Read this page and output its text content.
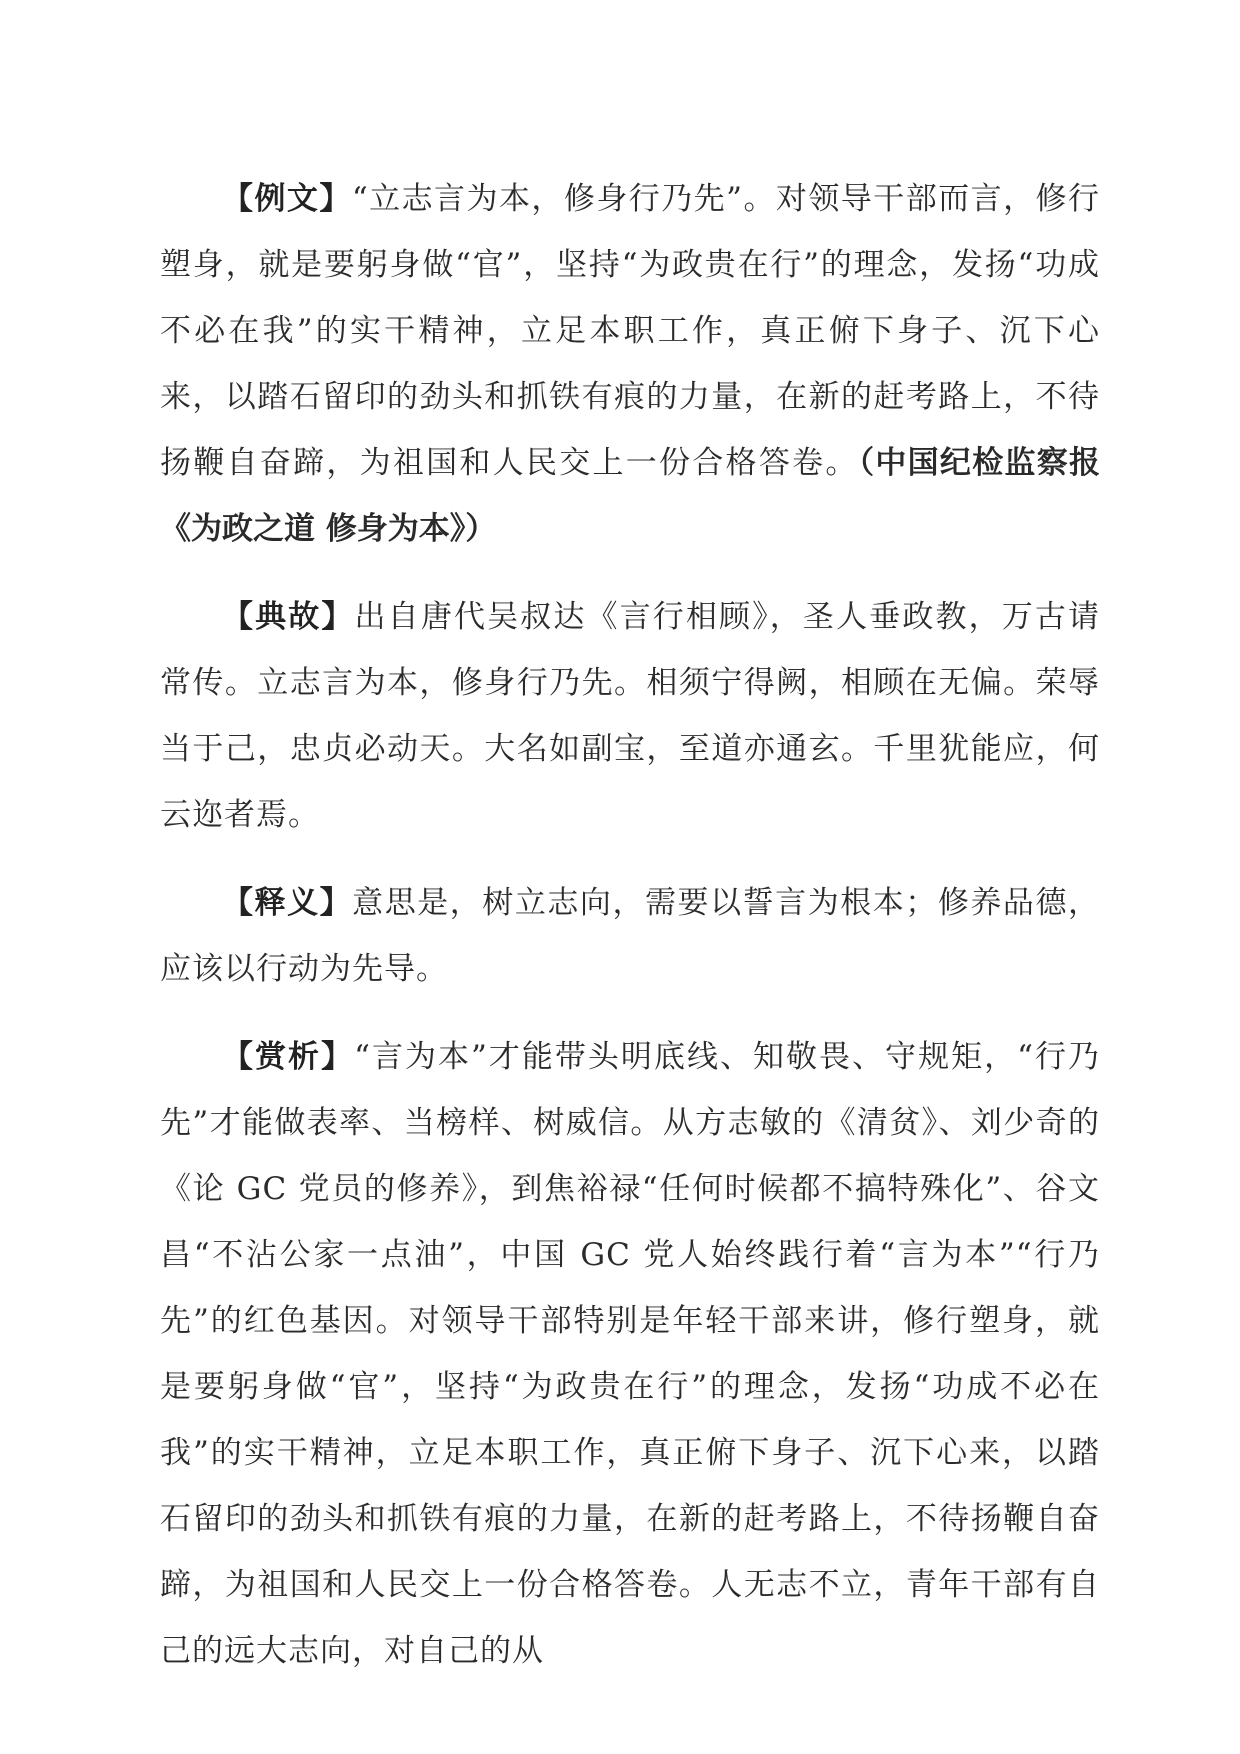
【例文】“立志言为本，修身行乃先”。对领导干部而言，修行塑身，就是要躬身做“官”，坚持“为政贵在行”的理念，发扬“功成不必在我”的实干精神，立足本职工作，真正俯下身子、沉下心来，以踏石留印的劲头和抓铁有痕的力量，在新的赶考路上，不待扬鞭自奋蹄，为祖国和人民交上一份合格答卷。（中国纪检监察报《为政之道 修身为本》）

【典故】出自唐代吴叔达《言行相顾》，圣人垂政教，万古请常传。立志言为本，修身行乃先。相须宁得阙，相顾在无偏。荣辱当于己，忠贞必动天。大名如副宝，至道亦通玄。千里犹能应，何云迩者焉。

【释义】意思是，树立志向，需要以誓言为根本；修养品德，应该以行动为先导。

【赏析】“言为本”才能带头明底线、知敬畏、守规矩，“行乃先”才能做表率、当榜样、树威信。从方志敏的《清贫》、刘少奇的《论 GC 党员的修养》，到焦裕禄“任何时候都不搞特殊化”、谷文昌“不沾公家一点油”，中国 GC 党人始终践行着“言为本”“行乃先”的红色基因。对领导干部特别是年轻干部来讲，修行塑身，就是要躬身做“官”，坚持“为政贵在行”的理念，发扬“功成不必在我”的实干精神，立足本职工作，真正俯下身子、沉下心来，以踏石留印的劲头和抓铁有痕的力量，在新的赶考路上，不待扬鞭自奋蹄，为祖国和人民交上一份合格答卷。人无志不立，青年干部有自己的远大志向，对自己的从
